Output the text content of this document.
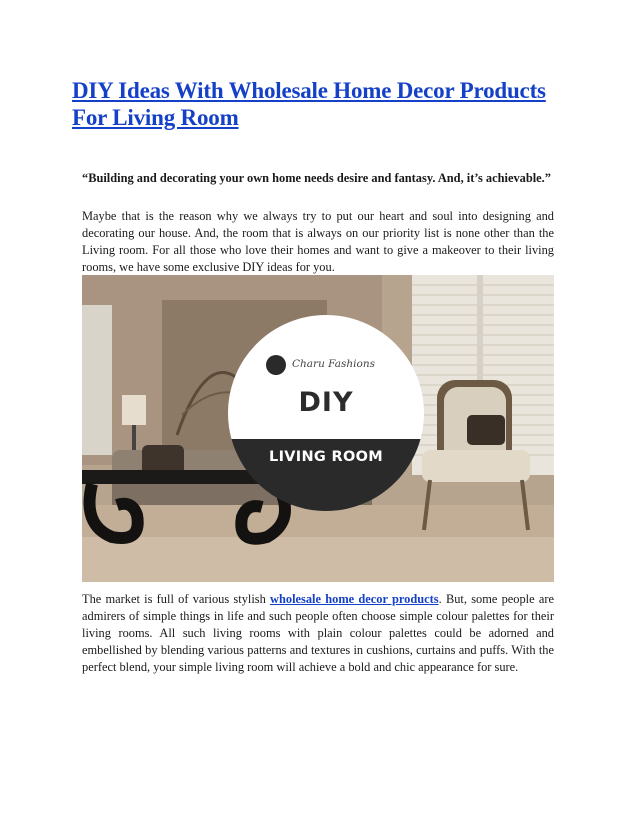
DIY Ideas With Wholesale Home Decor Products For Living Room

“Building and decorating your own home needs desire and fantasy. And, it’s achievable.”

Maybe that is the reason why we always try to put our heart and soul into designing and decorating our house. And, the room that is always on our priority list is none other than the Living room. For all those who love their homes and want to give a makeover to their living rooms, we have some exclusive DIY ideas for you.

Charu Fashions
DIY
LIVING ROOM

The market is full of various stylish wholesale home decor products. But, some people are admirers of simple things in life and such people often choose simple colour palettes for their living rooms. All such living rooms with plain colour palettes could be adorned and embellished by blending various patterns and textures in cushions, curtains and puffs. With the perfect blend, your simple living room will achieve a bold and chic appearance for sure.
